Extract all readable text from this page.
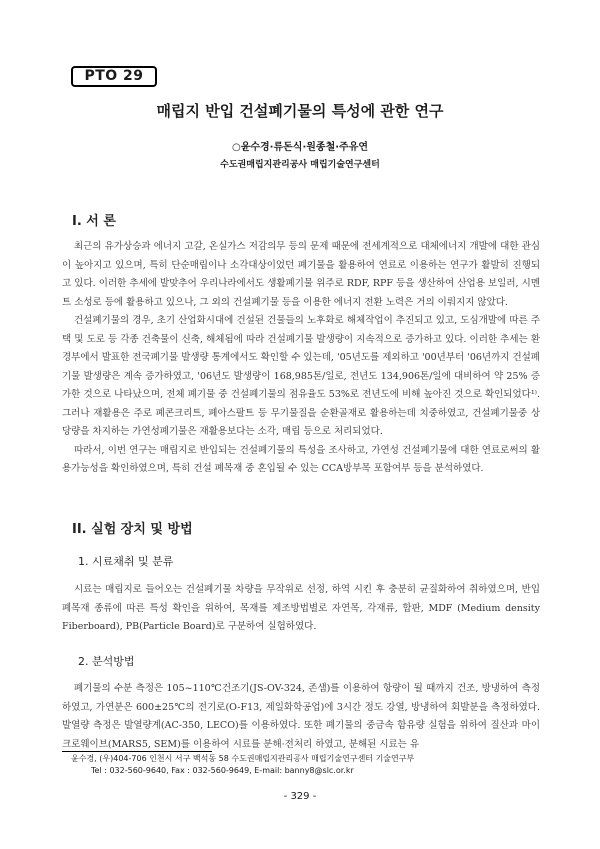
PTO 29
매립지 반입 건설폐기물의 특성에 관한 연구
○윤수경·류돈식·원종철·주유연
수도권매립지관리공사 매립기술연구센터
I. 서 론

최근의 유가상승과 에너지 고갈, 온실가스 저감의무 등의 문제 때문에 전세계적으로 대체에너지 개발에 대한 관심이 높아지고 있으며, 특히 단순매립이나 소각대상이었던 폐기물을 활용하여 연료로 이용하는 연구가 활발히 진행되고 있다. 이러한 추세에 발맞추어 우리나라에서도 생활폐기물 위주로 RDF, RPF 등을 생산하여 산업용 보일러, 시멘트 소성로 등에 활용하고 있으나, 그 외의 건설폐기물 등을 이용한 에너지 전환 노력은 거의 이뤄지지 않았다.

건설폐기물의 경우, 초기 산업화시대에 건설된 건물들의 노후화로 해체작업이 추진되고 있고, 도심개발에 따른 주택 및 도로 등 각종 건축물이 신축, 해체됨에 따라 건설폐기물 발생량이 지속적으로 증가하고 있다. 이러한 추세는 환경부에서 발표한 전국폐기물 발생량 통계에서도 확인할 수 있는데, '05년도를 제외하고 '00년부터 '06년까지 건설폐기물 발생량은 계속 증가하였고, '06년도 발생량이 168,985톤/일로, 전년도 134,906톤/일에 대비하여 약 25% 증가한 것으로 나타났으며, 전체 폐기물 중 건설폐기물의 점유율도 53%로 전년도에 비해 높아진 것으로 확인되었다¹⁾. 그러나 재활용은 주로 폐콘크리트, 폐아스팔트 등 무기물질을 순환골재로 활용하는데 치중하였고, 건설폐기물중 상당량을 차지하는 가연성폐기물은 재활용보다는 소각, 매립 등으로 처리되었다.

따라서, 이번 연구는 매립지로 반입되는 건설폐기물의 특성을 조사하고, 가연성 건설폐기물에 대한 연료로써의 활용가능성을 확인하였으며, 특히 건설 폐목재 중 혼입될 수 있는 CCA방부목 포함여부 등을 분석하였다.

II. 실험 장치 및 방법
1. 시료채취 및 분류

시료는 매립지로 들어오는 건설폐기물 차량을 무작위로 선정, 하역 시킨 후 충분히 균질화하여 취하였으며, 반입 폐목재 종류에 따른 특성 확인을 위하여, 목재를 제조방법별로 자연목, 각재류, 합판, MDF (Medium density Fiberboard), PB(Particle Board)로 구분하여 실험하였다.

2. 분석방법

폐기물의 수분 측정은 105~110℃건조기(JS-OV-324, 존샘)를 이용하여 항량이 될 때까지 건조, 방냉하여 측정하였고, 가연분은 600±25℃의 전기로(O-F13, 제일화학공업)에 3시간 정도 강열, 방냉하여 회발분을 측정하였다. 발열량 측정은 발열량계(AC-350, LECO)를 이용하였다. 또한 폐기물의 중금속 함유량 실험을 위하여 질산과 마이크로웨이브(MARS5, SEM)를 이용하여 시료를 분해·전처리 하였고, 분해된 시료는 유

윤수경, (우)404-706 인천시 서구 백석동 58 수도권매립지관리공사 매립기술연구센터 기술연구부
Tel : 032-560-9640, Fax : 032-560-9649, E-mail: banny8@slc.or.kr
- 329 -
